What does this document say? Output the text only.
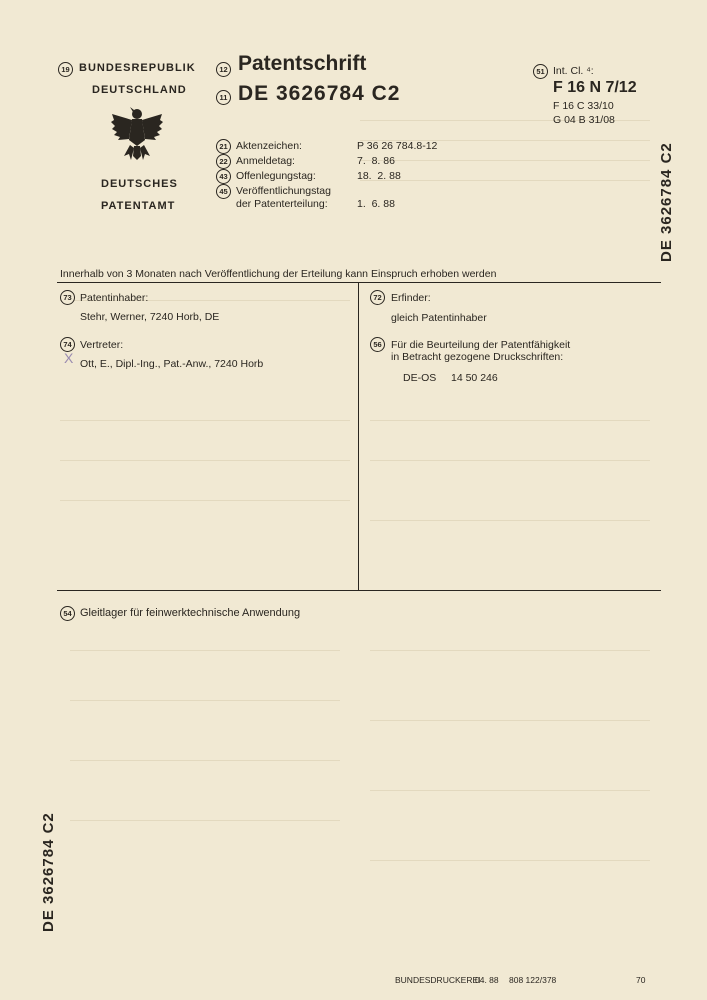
19 BUNDESREPUBLIK
DEUTSCHLAND
DEUTSCHES
PATENTAMT
12 Patentschrift
11 DE 3626784 C2
51 Int. Cl. ⁴:
F 16 N 7/12
F 16 C 33/10
G 04 B 31/08
21 Aktenzeichen:	P 36 26 784.8-12
22 Anmeldetag:	7.  8. 86
43 Offenlegungstag:	18.  2. 88
45 Veröffentlichungstag
der Patenterteilung:	1.  6. 88	DE 3626784 C2
Innerhalb von 3 Monaten nach Veröffentlichung der Erteilung kann Einspruch erhoben werden
73 Patentinhaber:
Stehr, Werner, 7240 Horb, DE
74 Vertreter:
X Ott, E., Dipl.-Ing., Pat.-Anw., 7240 Horb
72 Erfinder:
gleich Patentinhaber
56 Für die Beurteilung der Patentfähigkeit
in Betracht gezogene Druckschriften:
DE-OS 14 50 246
54 Gleitlager für feinwerktechnische Anwendung
DE 3626784 C2
BUNDESDRUCKEREI
04. 88 808 122/378	70
